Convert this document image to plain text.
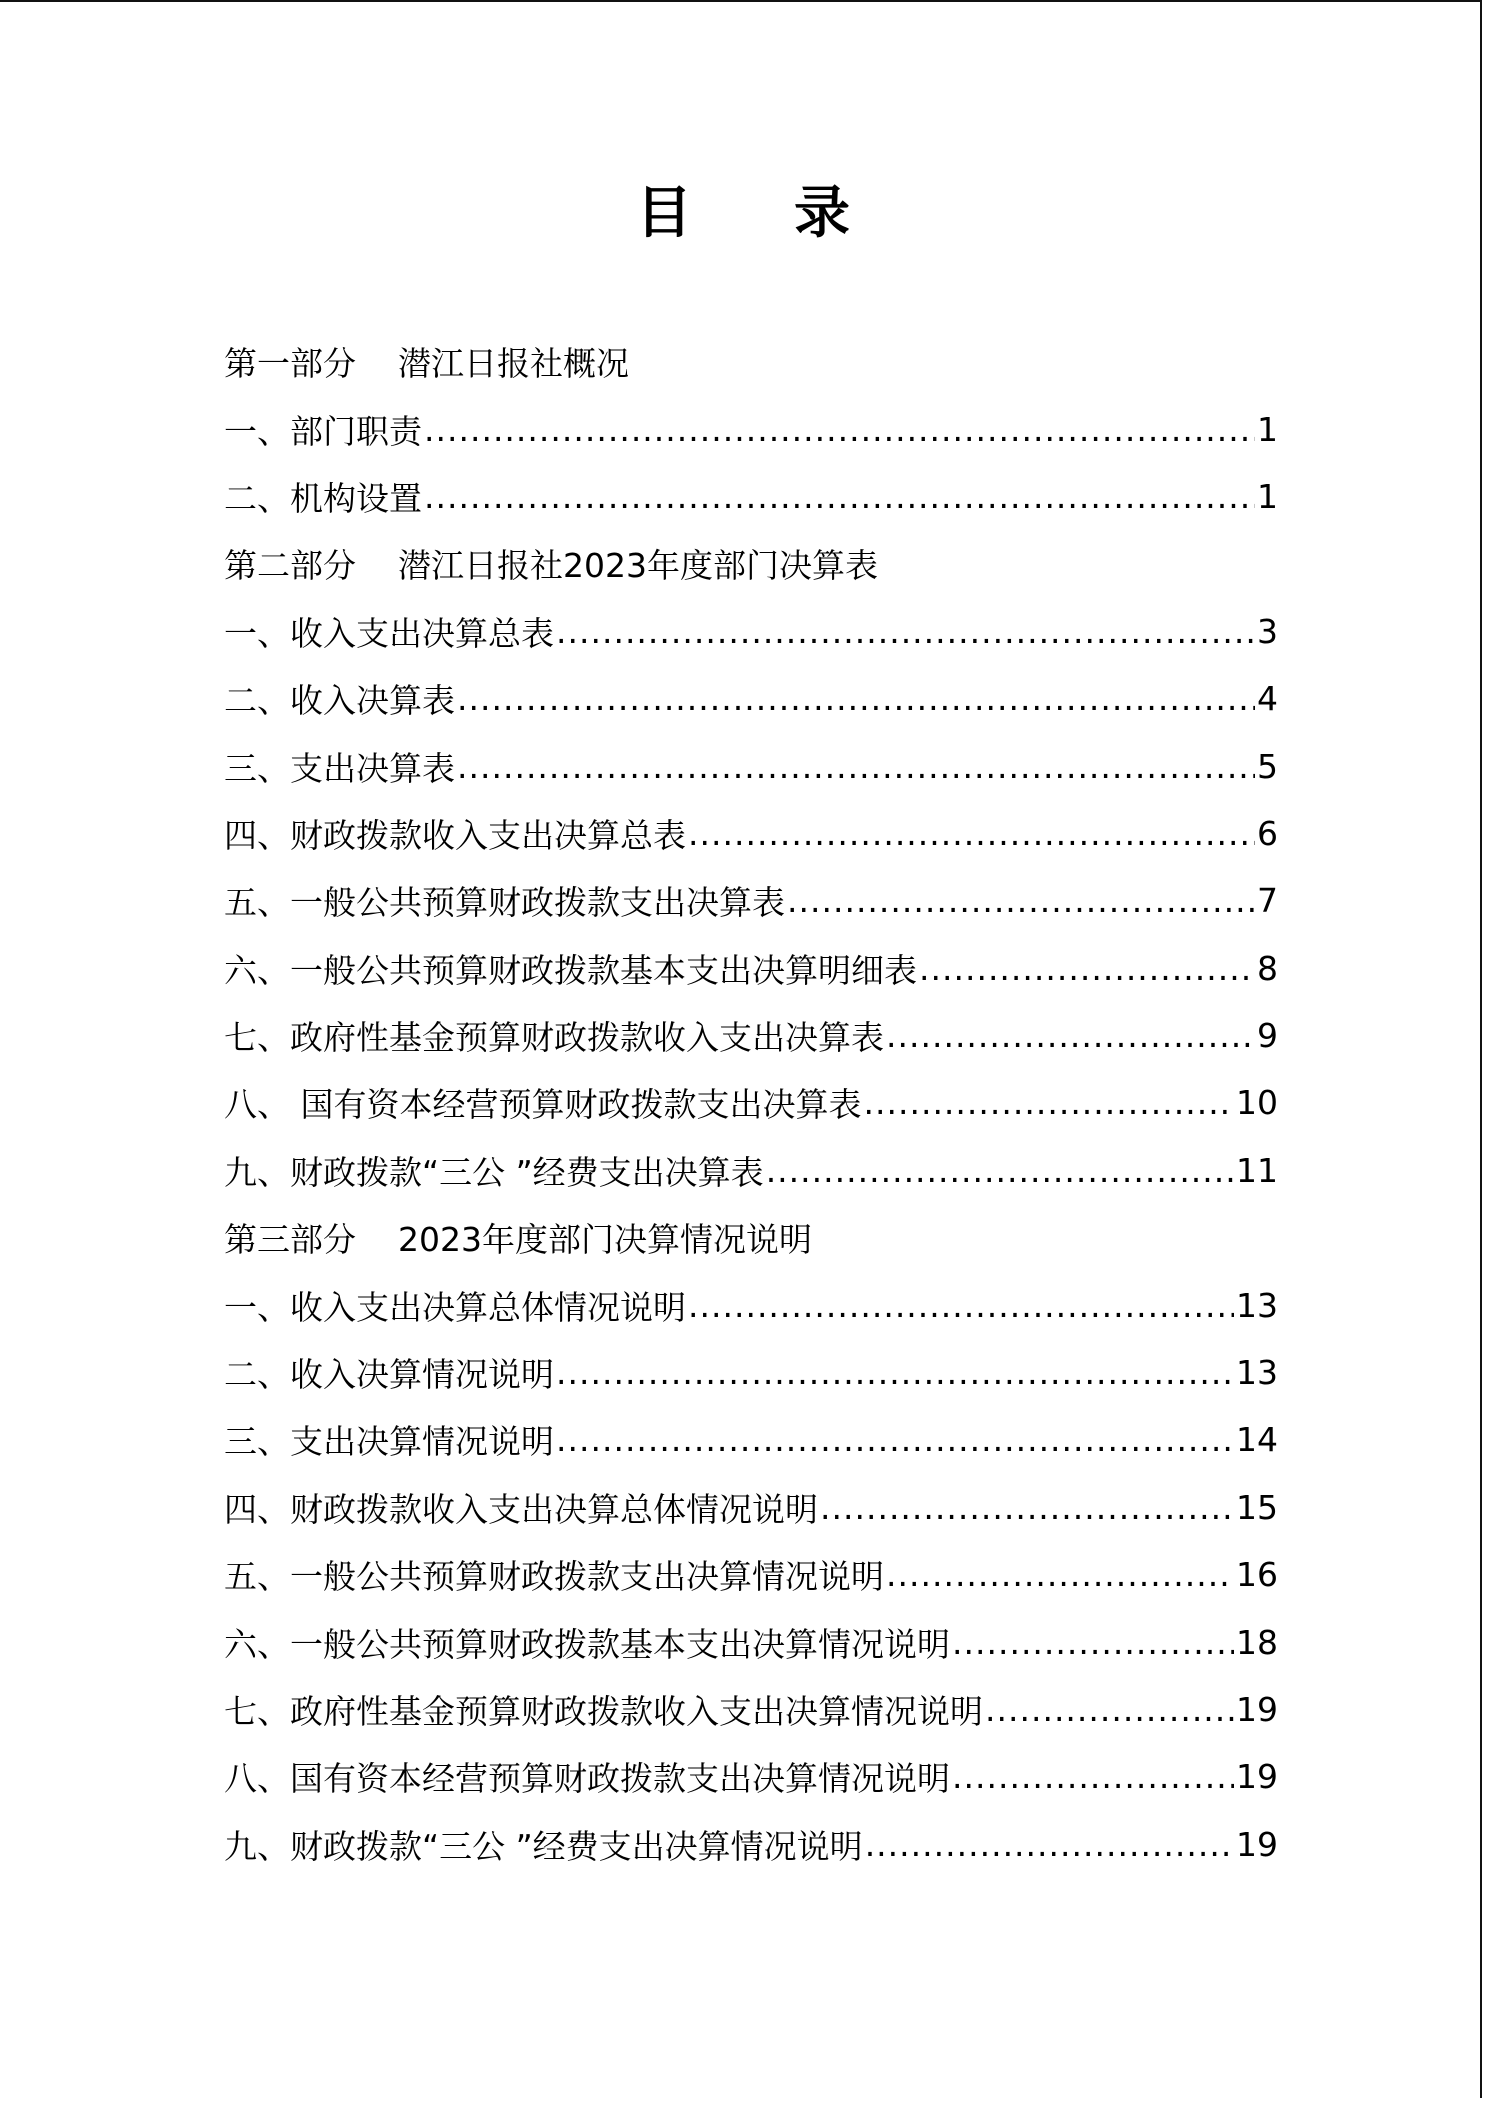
目 录
第一部分 潜江日报社概况
一、部门职责 .....	1
二、机构设置 .....	1
第二部分 潜江日报社2023年度部门决算表
一、收入支出决算总表 .....	3
二、收入决算表 .....	4
三、支出决算表 .....	5
四、财政拨款收入支出决算总表 .....	6
五、一般公共预算财政拨款支出决算表 .....	7
六、一般公共预算财政拨款基本支出决算明细表 .....	8
七、政府性基金预算财政拨款收入支出决算表 .....	9
八、 国有资本经营预算财政拨款支出决算表 .....	10
九、财政拨款“三公 ”经费支出决算表 .....	11
第三部分 2023年度部门决算情况说明
一、收入支出决算总体情况说明 .....	13
二、收入决算情况说明 .....	13
三、支出决算情况说明 .....	14
四、财政拨款收入支出决算总体情况说明 .....	15
五、一般公共预算财政拨款支出决算情况说明 .....	16
六、一般公共预算财政拨款基本支出决算情况说明 .....	18
七、政府性基金预算财政拨款收入支出决算情况说明 .....	19
八、国有资本经营预算财政拨款支出决算情况说明 .....	19
九、财政拨款“三公 ”经费支出决算情况说明 .....	19
